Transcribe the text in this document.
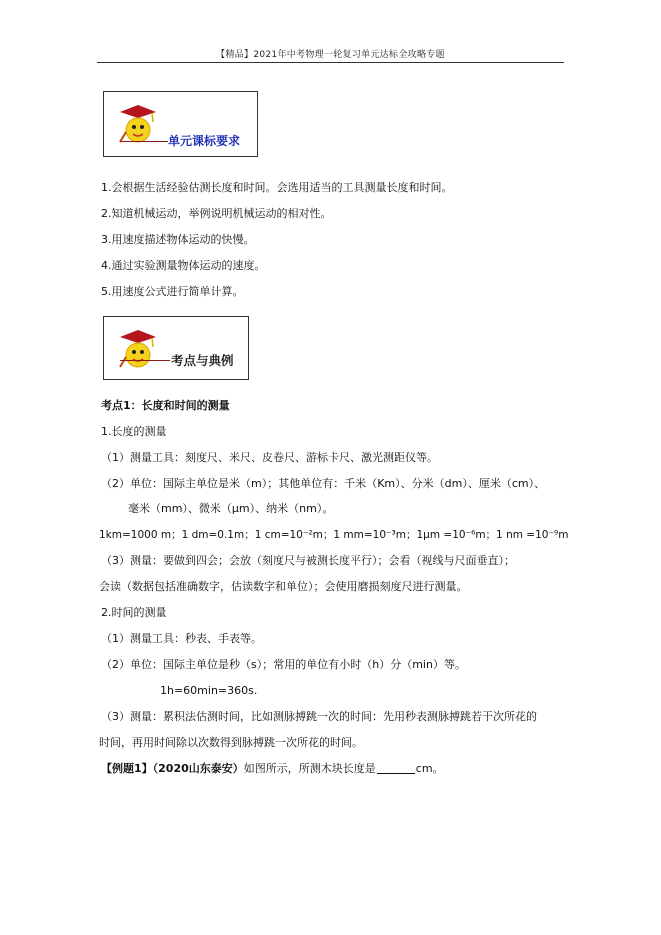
【精品】2021年中考物理一轮复习单元达标全攻略专题
单元课标要求
1.会根据生活经验估测长度和时间。会选用适当的工具测量长度和时间。
2.知道机械运动，举例说明机械运动的相对性。
3.用速度描述物体运动的快慢。
4.通过实验测量物体运动的速度。
5.用速度公式进行简单计算。
考点与典例
考点1：长度和时间的测量
1.长度的测量
（1）测量工具：刻度尺、米尺、皮卷尺、游标卡尺、激光测距仪等。
（2）单位：国际主单位是米（m）；其他单位有：千米（Km）、分米（dm）、厘米（cm）、
毫米（mm）、微米（μm）、纳米（nm）。
1km=1000 m；1 dm=0.1m；1 cm=10⁻²m；1 mm=10⁻³m；1μm =10⁻⁶m；1 nm =10⁻⁹m
（3）测量：要做到四会；会放（刻度尺与被测长度平行）；会看（视线与尺面垂直）；
会读（数据包括准确数字，估读数字和单位）；会使用磨损刻度尺进行测量。
2.时间的测量
（1）测量工具：秒表、手表等。
（2）单位：国际主单位是秒（s）；常用的单位有小时（h）分（min）等。
1h=60min=360s.
（3）测量：累积法估测时间，比如测脉搏跳一次的时间：先用秒表测脉搏跳若干次所花的
时间，再用时间除以次数得到脉搏跳一次所花的时间。
【例题1】（2020山东泰安）如图所示，所测木块长度是	cm。
